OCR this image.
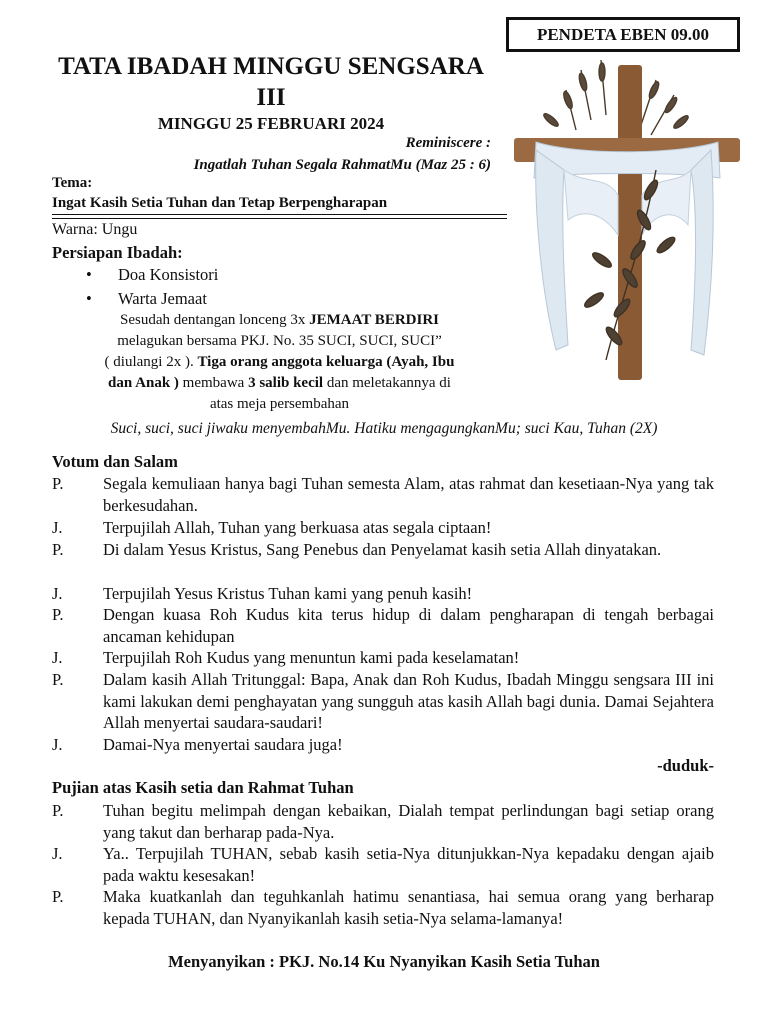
PENDETA EBEN 09.00
TATA IBADAH MINGGU SENGSARA
III
MINGGU 25 FEBRUARI 2024
Reminiscere :
Ingatlah Tuhan Segala RahmatMu (Maz 25 : 6)
Tema:
Ingat Kasih Setia Tuhan dan Tetap Berpengharapan
Warna: Ungu
Persiapan Ibadah:
• Doa Konsistori
• Warta Jemaat
Sesudah dentangan lonceng 3x JEMAAT BERDIRI
melagukan bersama PKJ. No. 35 SUCI, SUCI, SUCI”
( diulangi 2x ). Tiga orang anggota keluarga (Ayah, Ibu
dan Anak ) membawa 3 salib kecil dan meletakannya di
atas meja persembahan
Suci, suci, suci jiwaku menyembahMu. Hatiku mengagungkanMu; suci Kau, Tuhan (2X)
Votum dan Salam
P. Segala kemuliaan hanya bagi Tuhan semesta Alam, atas rahmat dan kesetiaan-Nya yang tak berkesudahan.
J. Terpujilah Allah, Tuhan yang berkuasa atas segala ciptaan!
P. Di dalam Yesus Kristus, Sang Penebus dan Penyelamat kasih setia Allah dinyatakan.
J. Terpujilah Yesus Kristus Tuhan kami yang penuh kasih!
P. Dengan kuasa Roh Kudus kita terus hidup di dalam pengharapan di tengah berbagai ancaman kehidupan
J. Terpujilah Roh Kudus yang menuntun kami pada keselamatan!
P. Dalam kasih Allah Tritunggal: Bapa, Anak dan Roh Kudus, Ibadah Minggu sengsara III ini kami lakukan demi penghayatan yang sungguh atas kasih Allah bagi dunia. Damai Sejahtera Allah menyertai saudara-saudari!
J. Damai-Nya menyertai saudara juga!
-duduk-
Pujian atas Kasih setia dan Rahmat Tuhan
P. Tuhan begitu melimpah dengan kebaikan, Dialah tempat perlindungan bagi setiap orang yang takut dan berharap pada-Nya.
J. Ya.. Terpujilah TUHAN, sebab kasih setia-Nya ditunjukkan-Nya kepadaku dengan ajaib pada waktu kesesakan!
P. Maka kuatkanlah dan teguhkanlah hatimu senantiasa, hai semua orang yang berharap kepada TUHAN, dan Nyanyikanlah kasih setia-Nya selama-lamanya!
Menyanyikan : PKJ. No.14 Ku Nyanyikan Kasih Setia Tuhan
